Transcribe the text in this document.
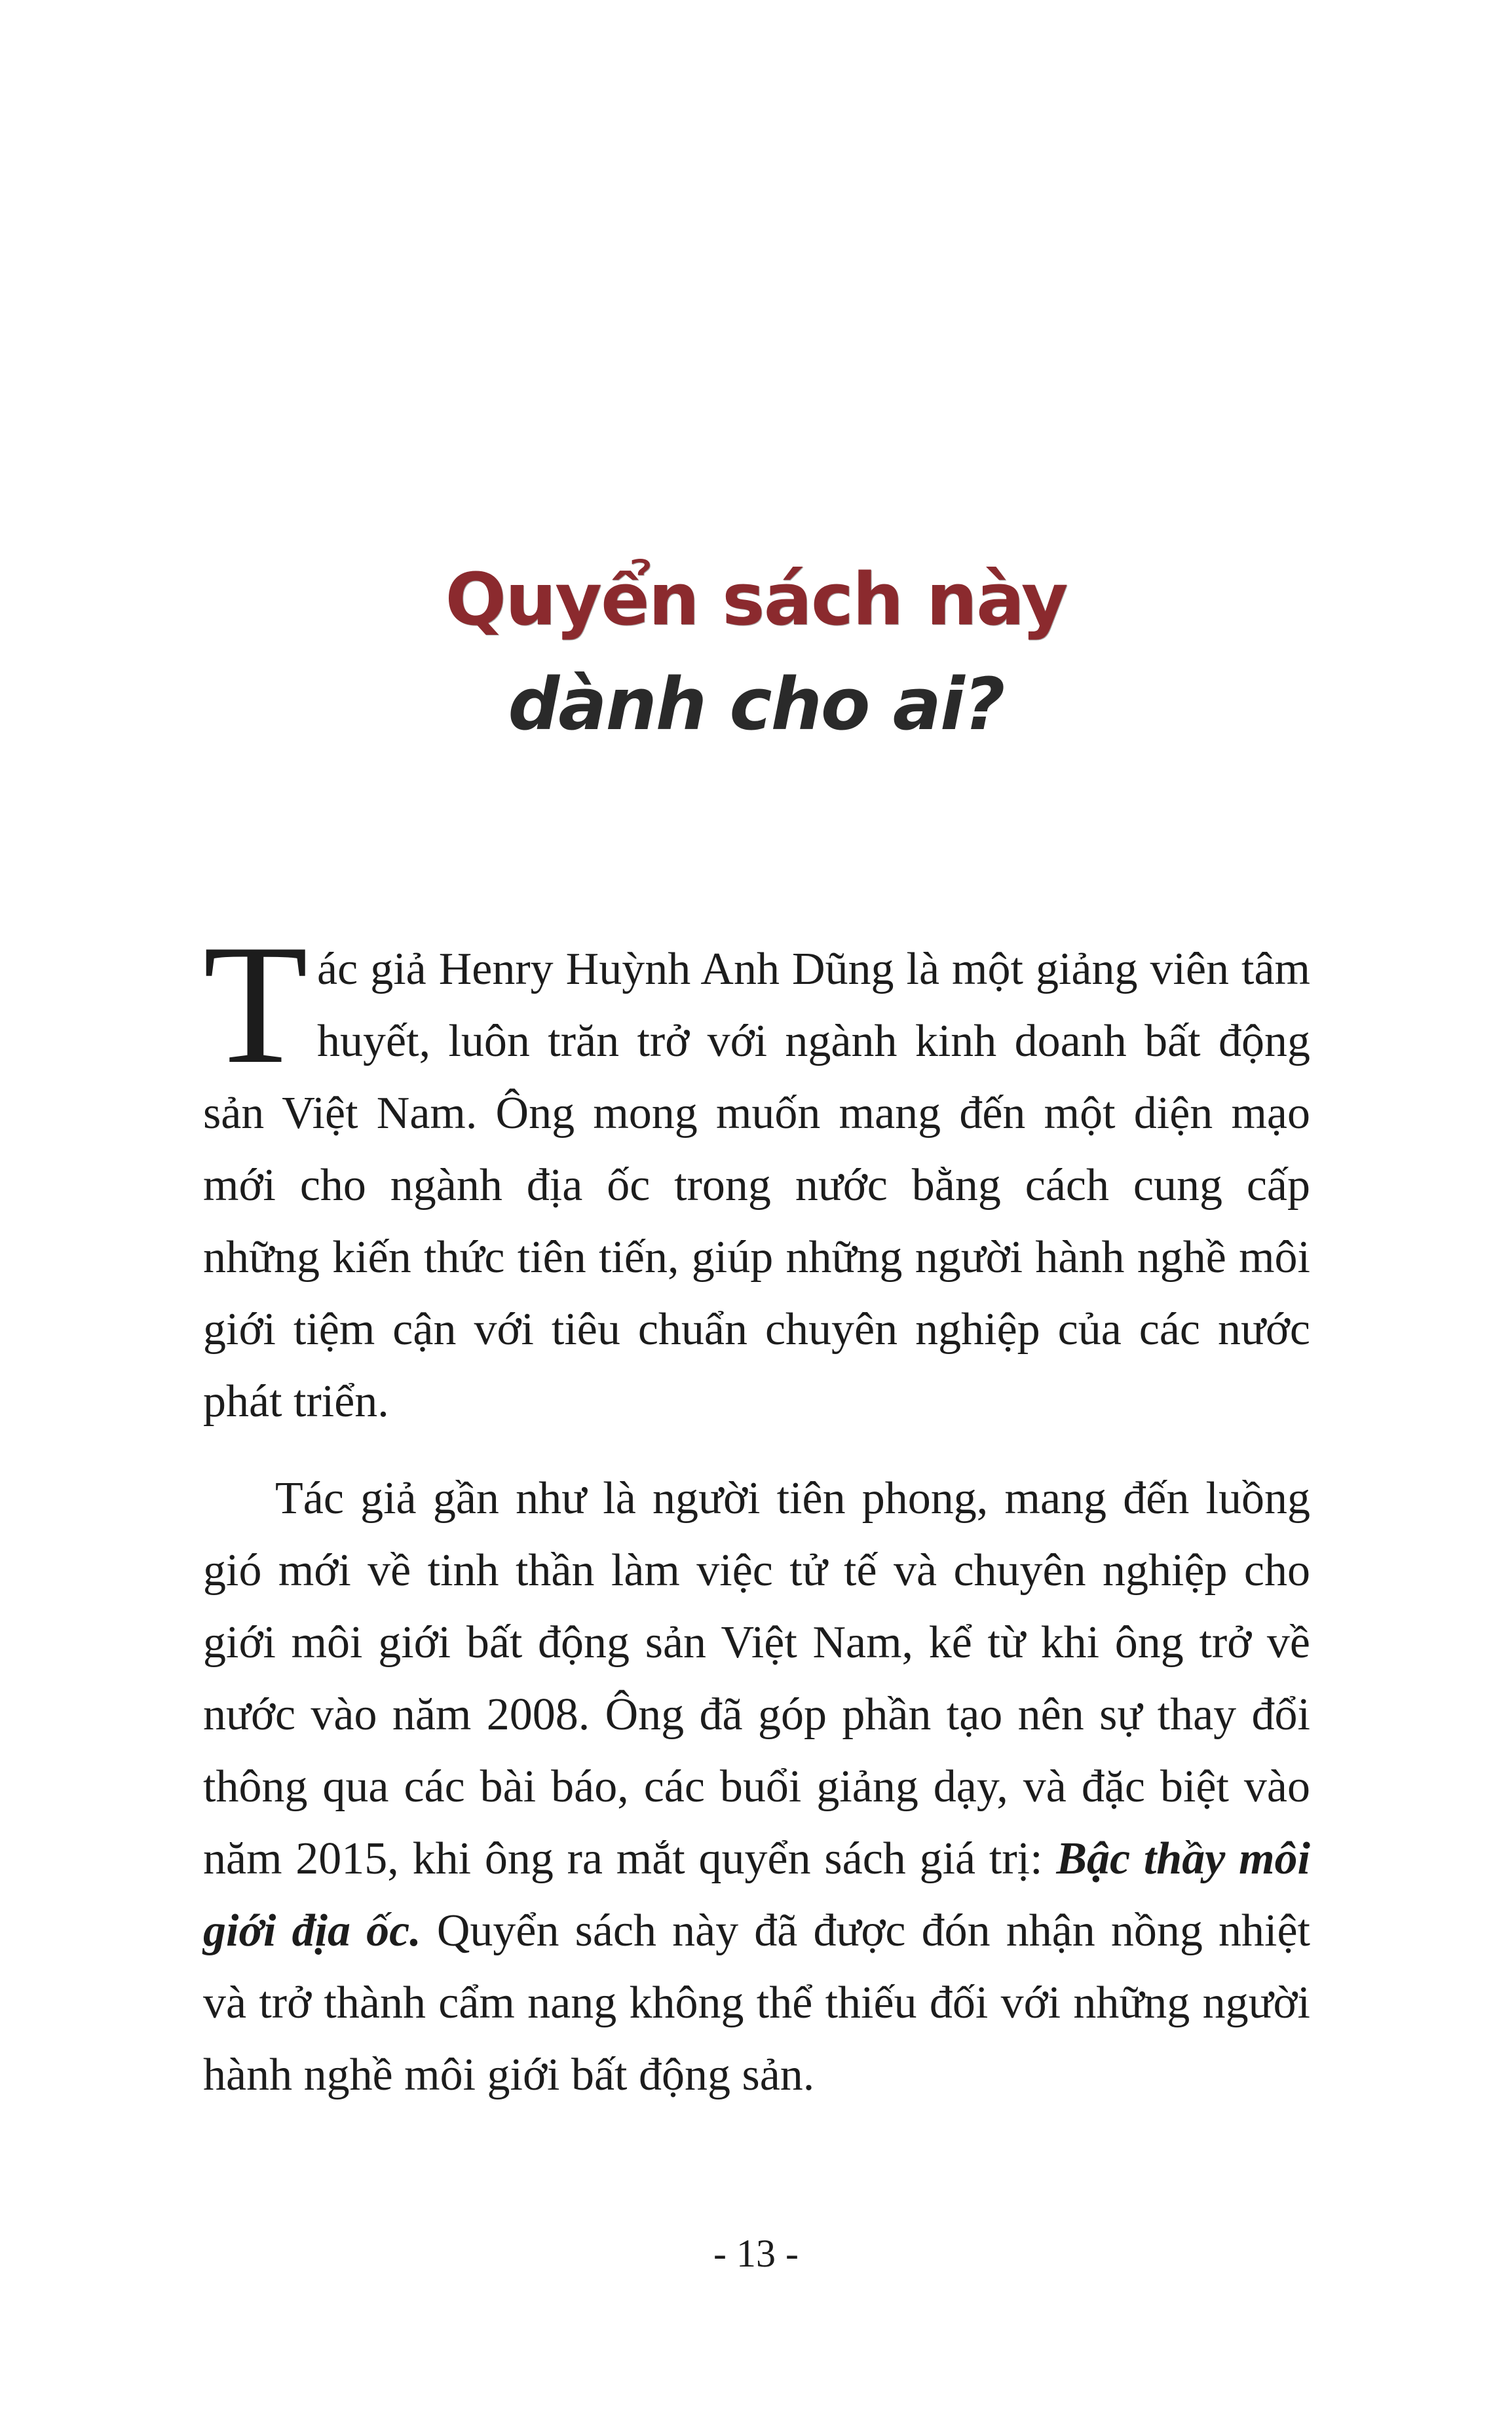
Quyển sách này
dành cho ai?

Tác giả Henry Huỳnh Anh Dũng là một giảng viên tâm huyết, luôn trăn trở với ngành kinh doanh bất động sản Việt Nam. Ông mong muốn mang đến một diện mạo mới cho ngành địa ốc trong nước bằng cách cung cấp những kiến thức tiên tiến, giúp những người hành nghề môi giới tiệm cận với tiêu chuẩn chuyên nghiệp của các nước phát triển.

Tác giả gần như là người tiên phong, mang đến luồng gió mới về tinh thần làm việc tử tế và chuyên nghiệp cho giới môi giới bất động sản Việt Nam, kể từ khi ông trở về nước vào năm 2008. Ông đã góp phần tạo nên sự thay đổi thông qua các bài báo, các buổi giảng dạy, và đặc biệt vào năm 2015, khi ông ra mắt quyển sách giá trị: Bậc thầy môi giới địa ốc. Quyển sách này đã được đón nhận nồng nhiệt và trở thành cẩm nang không thể thiếu đối với những người hành nghề môi giới bất động sản.

- 13 -
